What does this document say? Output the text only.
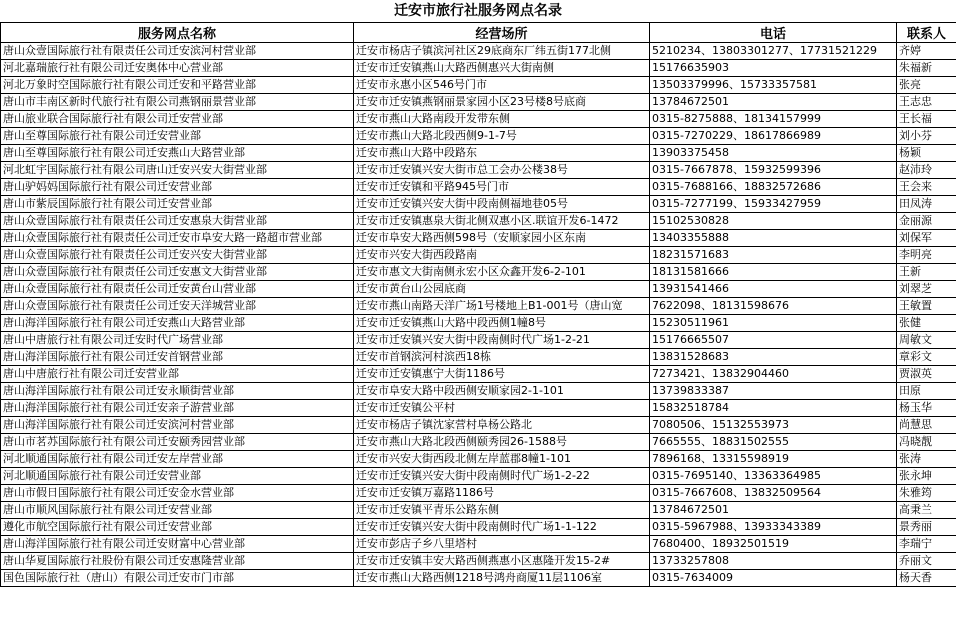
迁安市旅行社服务网点名录
服务网点名称	经营场所	电话	联系人
唐山众壹国际旅行社有限责任公司迁安滨河村营业部	迁安市杨店子镇滨河社区29底商东厂纬五街177北侧	5210234、13803301277、17731521229	齐婷
河北嘉瑞旅行社有限公司迁安奥体中心营业部	迁安市迁安镇燕山大路西侧惠兴大街南侧	15176635903	朱福新
河北万象时空国际旅行社有限公司迁安和平路营业部	迁安市永惠小区546号门市	13503379996、15733357581	张亮
唐山市丰南区新时代旅行社有限公司燕钢丽景营业部	迁安市迁安镇燕钢丽景家园小区23号楼8号底商	13784672501	王志忠
唐山旅业联合国际旅行社有限公司迁安营业部	迁安市燕山大路南段开发带东侧	0315-8275888、18134157999	王长福
唐山至尊国际旅行社有限公司迁安营业部	迁安市燕山大路北段西侧9-1-7号	0315-7270229、18617866989	刘小芬
唐山至尊国际旅行社有限公司迁安燕山大路营业部	迁安市燕山大路中段路东	13903375458	杨颖
河北虹宇国际旅行社有限公司唐山迁安兴安大街营业部	迁安市迁安镇兴安大街市总工会办公楼38号	0315-7667878、15932599396	赵沛玲
唐山驴妈妈国际旅行社有限公司迁安营业部	迁安市迁安镇和平路945号门市	0315-7688166、18832572686	王会来
唐山市紫辰国际旅行社有限公司迁安营业部	迁安市迁安镇兴安大街中段南侧福地巷05号	0315-7277199、15933427959	田凤涛
唐山众壹国际旅行社有限责任公司迁安惠泉大街营业部	迁安市迁安镇惠泉大街北侧双惠小区.联谊开发6-1472	15102530828	金丽源
唐山众壹国际旅行社有限责任公司迁安市阜安大路一路超市营业部	迁安市阜安大路西侧598号（安顺家园小区东南	13403355888	刘保军
唐山众壹国际旅行社有限责任公司迁安兴安大街营业部	迁安市兴安大街西段路南	18231571683	李明亮
唐山众壹国际旅行社有限责任公司迁安惠文大街营业部	迁安市惠文大街南侧永宏小区众鑫开发6-2-101	18131581666	王新
唐山众壹国际旅行社有限责任公司迁安黄台山营业部	迁安市黄台山公园底商	13931541466	刘翠芝
唐山众壹国际旅行社有限责任公司迁安天洋城营业部	迁安市燕山南路天洋广场1号楼地上B1-001号（唐山宽	7622098、18131598676	王敏置
唐山海洋国际旅行社有限公司迁安燕山大路营业部	迁安市迁安镇燕山大路中段西侧1幢8号	15230511961	张健
唐山中唐旅行社有限公司迁安时代广场营业部	迁安市迁安镇兴安大街中段南侧时代广场1-2-21	15176665507	周敏文
唐山海洋国际旅行社有限公司迁安首钢营业部	迁安市首钢滨河村滨西18栋	13831528683	章彩文
唐山中唐旅行社有限公司迁安营业部	迁安市迁安镇惠宁大街1186号	7273421、13832904460	贾淑英
唐山海洋国际旅行社有限公司迁安永顺街营业部	迁安市阜安大路中段西侧安顺家园2-1-101	13739833387	田原
唐山海洋国际旅行社有限公司迁安亲子游营业部	迁安市迁安镇公平村	15832518784	杨玉华
唐山海洋国际旅行社有限公司迁安滨河村营业部	迁安市杨店子镇沈家营村阜杨公路北	7080506、15132553973	尚慧思
唐山市茗苏国际旅行社有限公司迁安颐秀园营业部	迁安市燕山大路北段西侧颐秀园26-1588号	7665555、18831502555	冯晓靓
河北顺通国际旅行社有限公司迁安左岸营业部	迁安市兴安大街西段北侧左岸蓝郡8幢1-101	7896168、13315598919	张涛
河北顺通国际旅行社有限公司迁安营业部	迁安市迁安镇兴安大街中段南侧时代广场1-2-22	0315-7695140、13363364985	张永坤
唐山市假日国际旅行社有限公司迁安金水营业部	迁安市迁安镇万嘉路1186号	0315-7667608、13832509564	朱雅筠
唐山市顺风国际旅行社有限公司迁安营业部	迁安市迁安镇平青乐公路东侧	13784672501	高秉兰
遵化市航空国际旅行社有限公司迁安营业部	迁安市迁安镇兴安大街中段南侧时代广场1-1-122	0315-5967988、13933343389	景秀丽
唐山海洋国际旅行社有限公司迁安财富中心营业部	迁安市彭店子乡八里塔村	7680400、18932501519	李瑞宁
唐山华夏国际旅行社股份有限公司迁安惠隆营业部	迁安市迁安镇丰安大路西侧燕惠小区惠隆开发15-2#	13733257808	乔丽文
国色国际旅行社（唐山）有限公司迁安市门市部	迁安市燕山大路西侧1218号鸿舟商厦11层1106室	0315-7634009	杨天香
